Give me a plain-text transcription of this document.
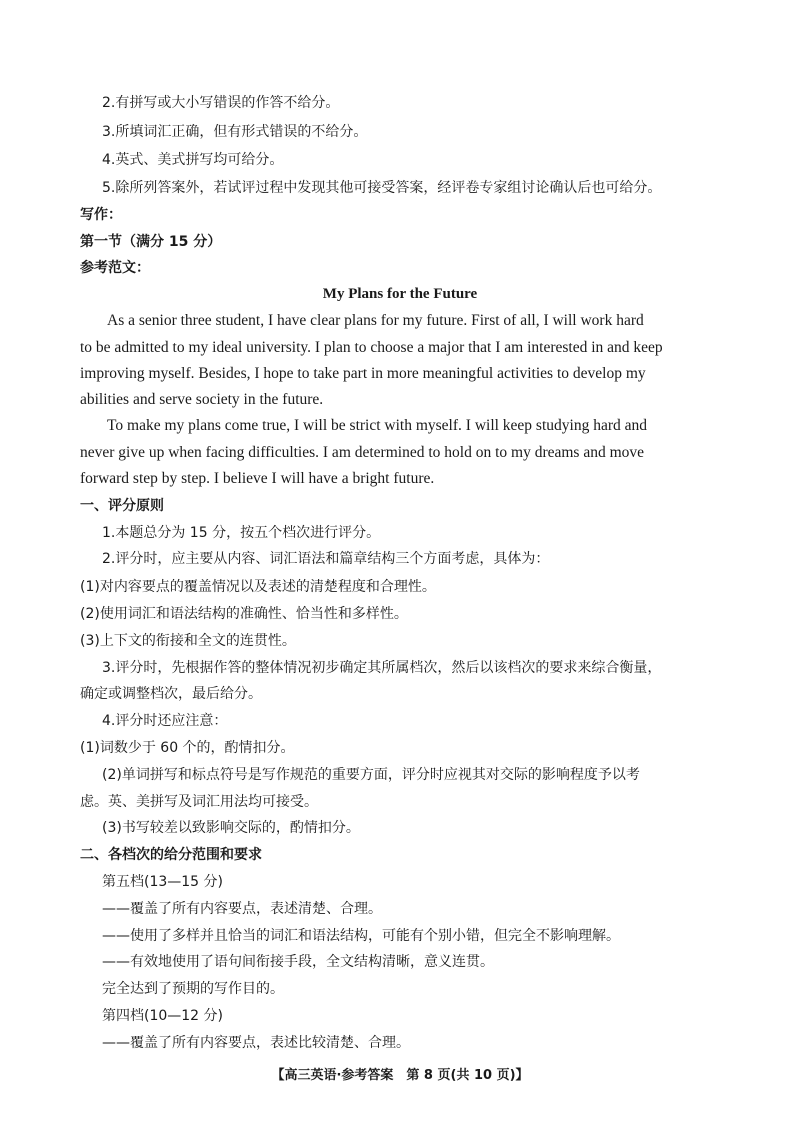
2.有拼写或大小写错误的作答不给分。
3.所填词汇正确，但有形式错误的不给分。
4.英式、美式拼写均可给分。
5.除所列答案外，若试评过程中发现其他可接受答案，经评卷专家组讨论确认后也可给分。
写作：
第一节（满分 15 分）
参考范文：
My Plans for the Future
As a senior three student, I have clear plans for my future. First of all, I will work hard
to be admitted to my ideal university. I plan to choose a major that I am interested in and keep
improving myself. Besides, I hope to take part in more meaningful activities to develop my
abilities and serve society in the future.
To make my plans come true, I will be strict with myself. I will keep studying hard and
never give up when facing difficulties. I am determined to hold on to my dreams and move
forward step by step. I believe I will have a bright future.
一、评分原则
1.本题总分为 15 分，按五个档次进行评分。
2.评分时，应主要从内容、词汇语法和篇章结构三个方面考虑，具体为：
(1)对内容要点的覆盖情况以及表述的清楚程度和合理性。
(2)使用词汇和语法结构的准确性、恰当性和多样性。
(3)上下文的衔接和全文的连贯性。
3.评分时，先根据作答的整体情况初步确定其所属档次，然后以该档次的要求来综合衡量，
确定或调整档次，最后给分。
4.评分时还应注意：
(1)词数少于 60 个的，酌情扣分。
(2)单词拼写和标点符号是写作规范的重要方面，评分时应视其对交际的影响程度予以考
虑。英、美拼写及词汇用法均可接受。
(3)书写较差以致影响交际的，酌情扣分。
二、各档次的给分范围和要求
第五档(13—15 分)
——覆盖了所有内容要点，表述清楚、合理。
——使用了多样并且恰当的词汇和语法结构，可能有个别小错，但完全不影响理解。
——有效地使用了语句间衔接手段，全文结构清晰，意义连贯。
完全达到了预期的写作目的。
第四档(10—12 分)
——覆盖了所有内容要点，表述比较清楚、合理。
【高三英语·参考答案　第 8 页(共 10 页)】
